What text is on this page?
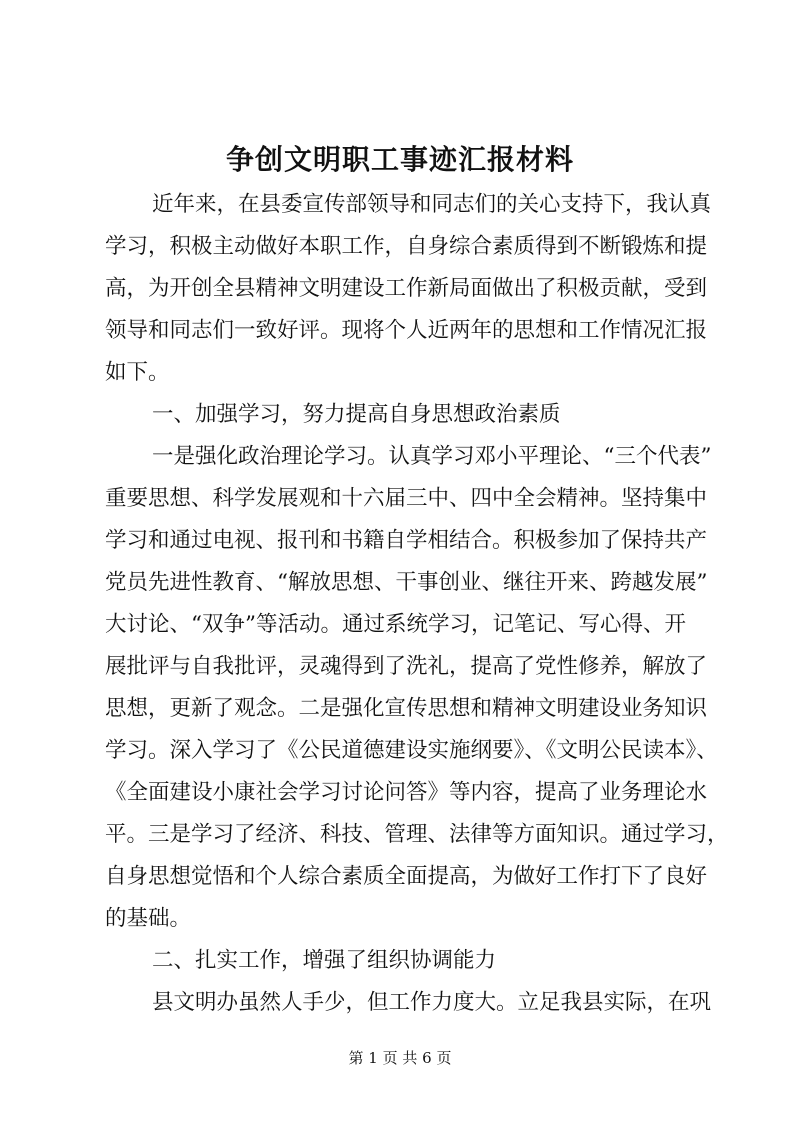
争创文明职工事迹汇报材料
近年来，在县委宣传部领导和同志们的关心支持下，我认真
学习，积极主动做好本职工作，自身综合素质得到不断锻炼和提
高，为开创全县精神文明建设工作新局面做出了积极贡献，受到
领导和同志们一致好评。现将个人近两年的思想和工作情况汇报
如下。
一、加强学习，努力提高自身思想政治素质
一是强化政治理论学习。认真学习邓小平理论、“三个代表”
重要思想、科学发展观和十六届三中、四中全会精神。坚持集中
学习和通过电视、报刊和书籍自学相结合。积极参加了保持共产
党员先进性教育、“解放思想、干事创业、继往开来、跨越发展”
大讨论、“双争”等活动。通过系统学习，记笔记、写心得、开
展批评与自我批评，灵魂得到了洗礼，提高了党性修养，解放了
思想，更新了观念。二是强化宣传思想和精神文明建设业务知识
学习。深入学习了《公民道德建设实施纲要》、《文明公民读本》、
《全面建设小康社会学习讨论问答》等内容，提高了业务理论水
平。三是学习了经济、科技、管理、法律等方面知识。通过学习，
自身思想觉悟和个人综合素质全面提高，为做好工作打下了良好
的基础。
二、扎实工作，增强了组织协调能力
县文明办虽然人手少，但工作力度大。立足我县实际，在巩
第 1 页 共 6 页
